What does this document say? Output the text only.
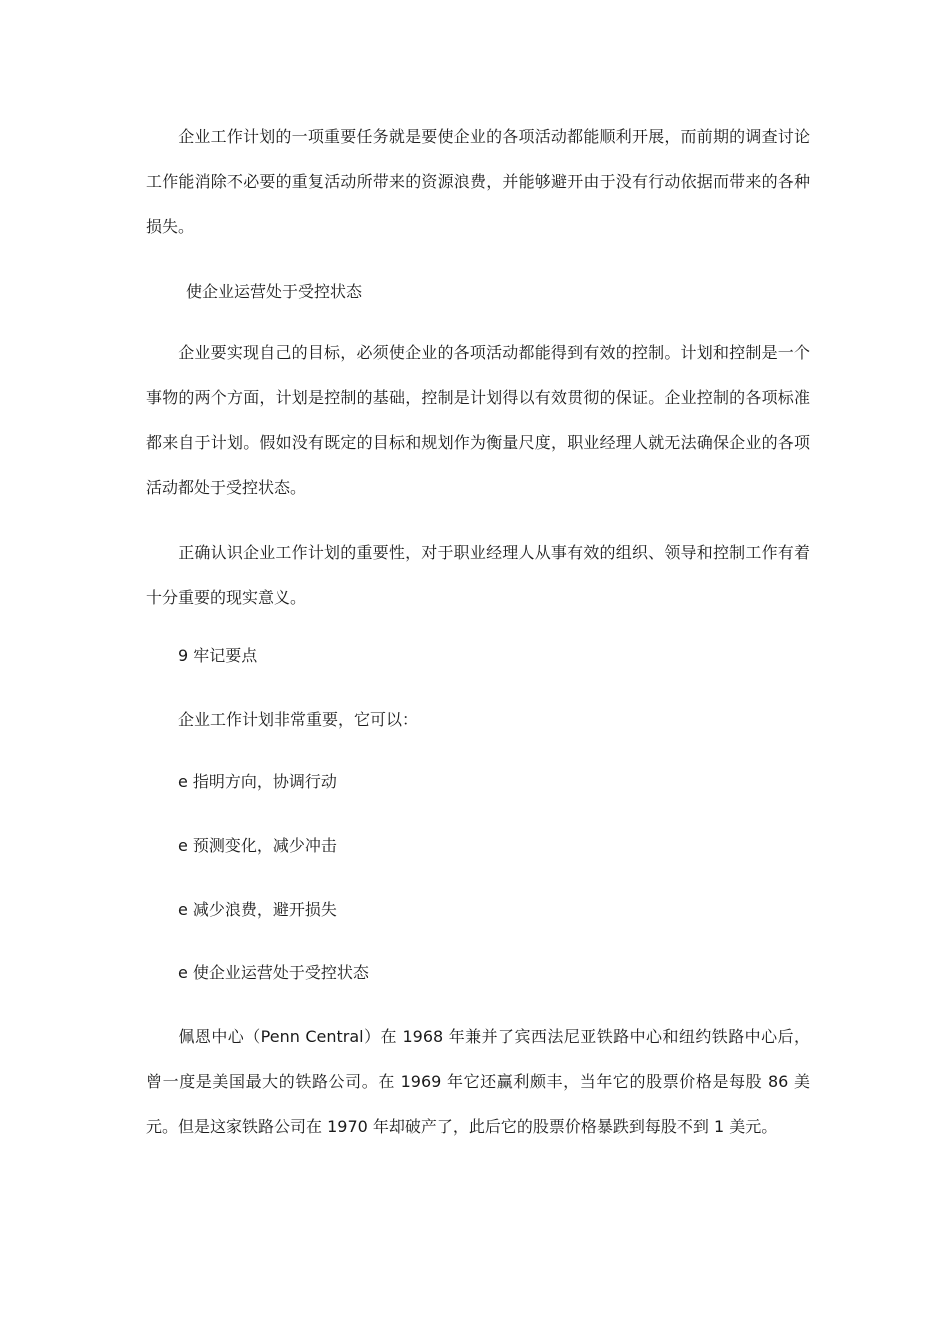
企业工作计划的一项重要任务就是要使企业的各项活动都能顺利开展，而前期的调查讨论工作能消除不必要的重复活动所带来的资源浪费，并能够避开由于没有行动依据而带来的各种损失。

使企业运营处于受控状态

企业要实现自己的目标，必须使企业的各项活动都能得到有效的控制。计划和控制是一个事物的两个方面，计划是控制的基础，控制是计划得以有效贯彻的保证。企业控制的各项标准都来自于计划。假如没有既定的目标和规划作为衡量尺度，职业经理人就无法确保企业的各项活动都处于受控状态。

正确认识企业工作计划的重要性，对于职业经理人从事有效的组织、领导和控制工作有着十分重要的现实意义。

9 牢记要点

企业工作计划非常重要，它可以：

e 指明方向，协调行动

e 预测变化，减少冲击

e 减少浪费，避开损失

e 使企业运营处于受控状态

佩恩中心（Penn Central）在 1968 年兼并了宾西法尼亚铁路中心和纽约铁路中心后，曾一度是美国最大的铁路公司。在 1969 年它还赢利颇丰，当年它的股票价格是每股 86 美元。但是这家铁路公司在 1970 年却破产了，此后它的股票价格暴跌到每股不到 1 美元。
